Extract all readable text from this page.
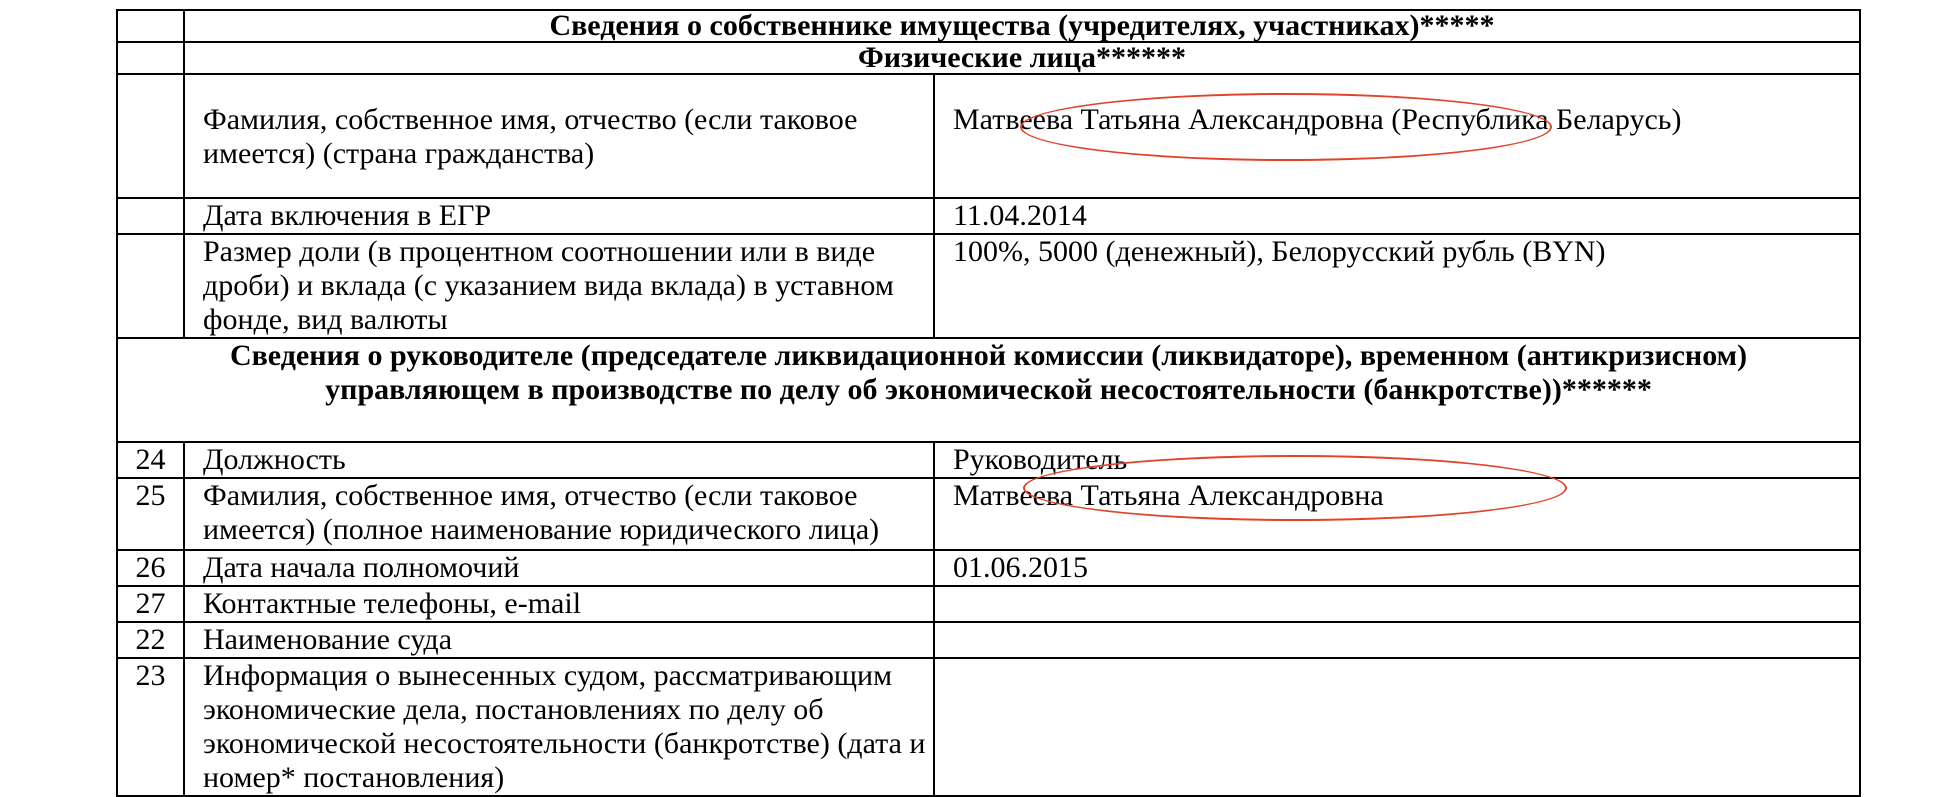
	Сведения о собственнике имущества (учредителях, участниках)*****	
	Физические лица******	
	Фамилия, собственное имя, отчество (если таковое имеется) (страна гражданства)	Матвеева Татьяна Александровна (Республика Беларусь)
	Дата включения в ЕГР	11.04.2014
	Размер доли (в процентном соотношении или в виде дроби) и вклада (с указанием вида вклада) в уставном фонде, вид валюты	100%, 5000 (денежный), Белорусский рубль (BYN)
Сведения о руководителе (председателе ликвидационной комиссии (ликвидаторе), временном (антикризисном) управляющем в производстве по делу об экономической несостоятельности (банкротстве))******		
24	Должность	Руководитель
25	Фамилия, собственное имя, отчество (если таковое имеется) (полное наименование юридического лица)	Матвеева Татьяна Александровна
26	Дата начала полномочий	01.06.2015
27	Контактные телефоны, e-mail	
22	Наименование суда	
23	Информация о вынесенных судом, рассматривающим экономические дела, постановлениях по делу об экономической несостоятельности (банкротстве) (дата и номер* постановления)	
